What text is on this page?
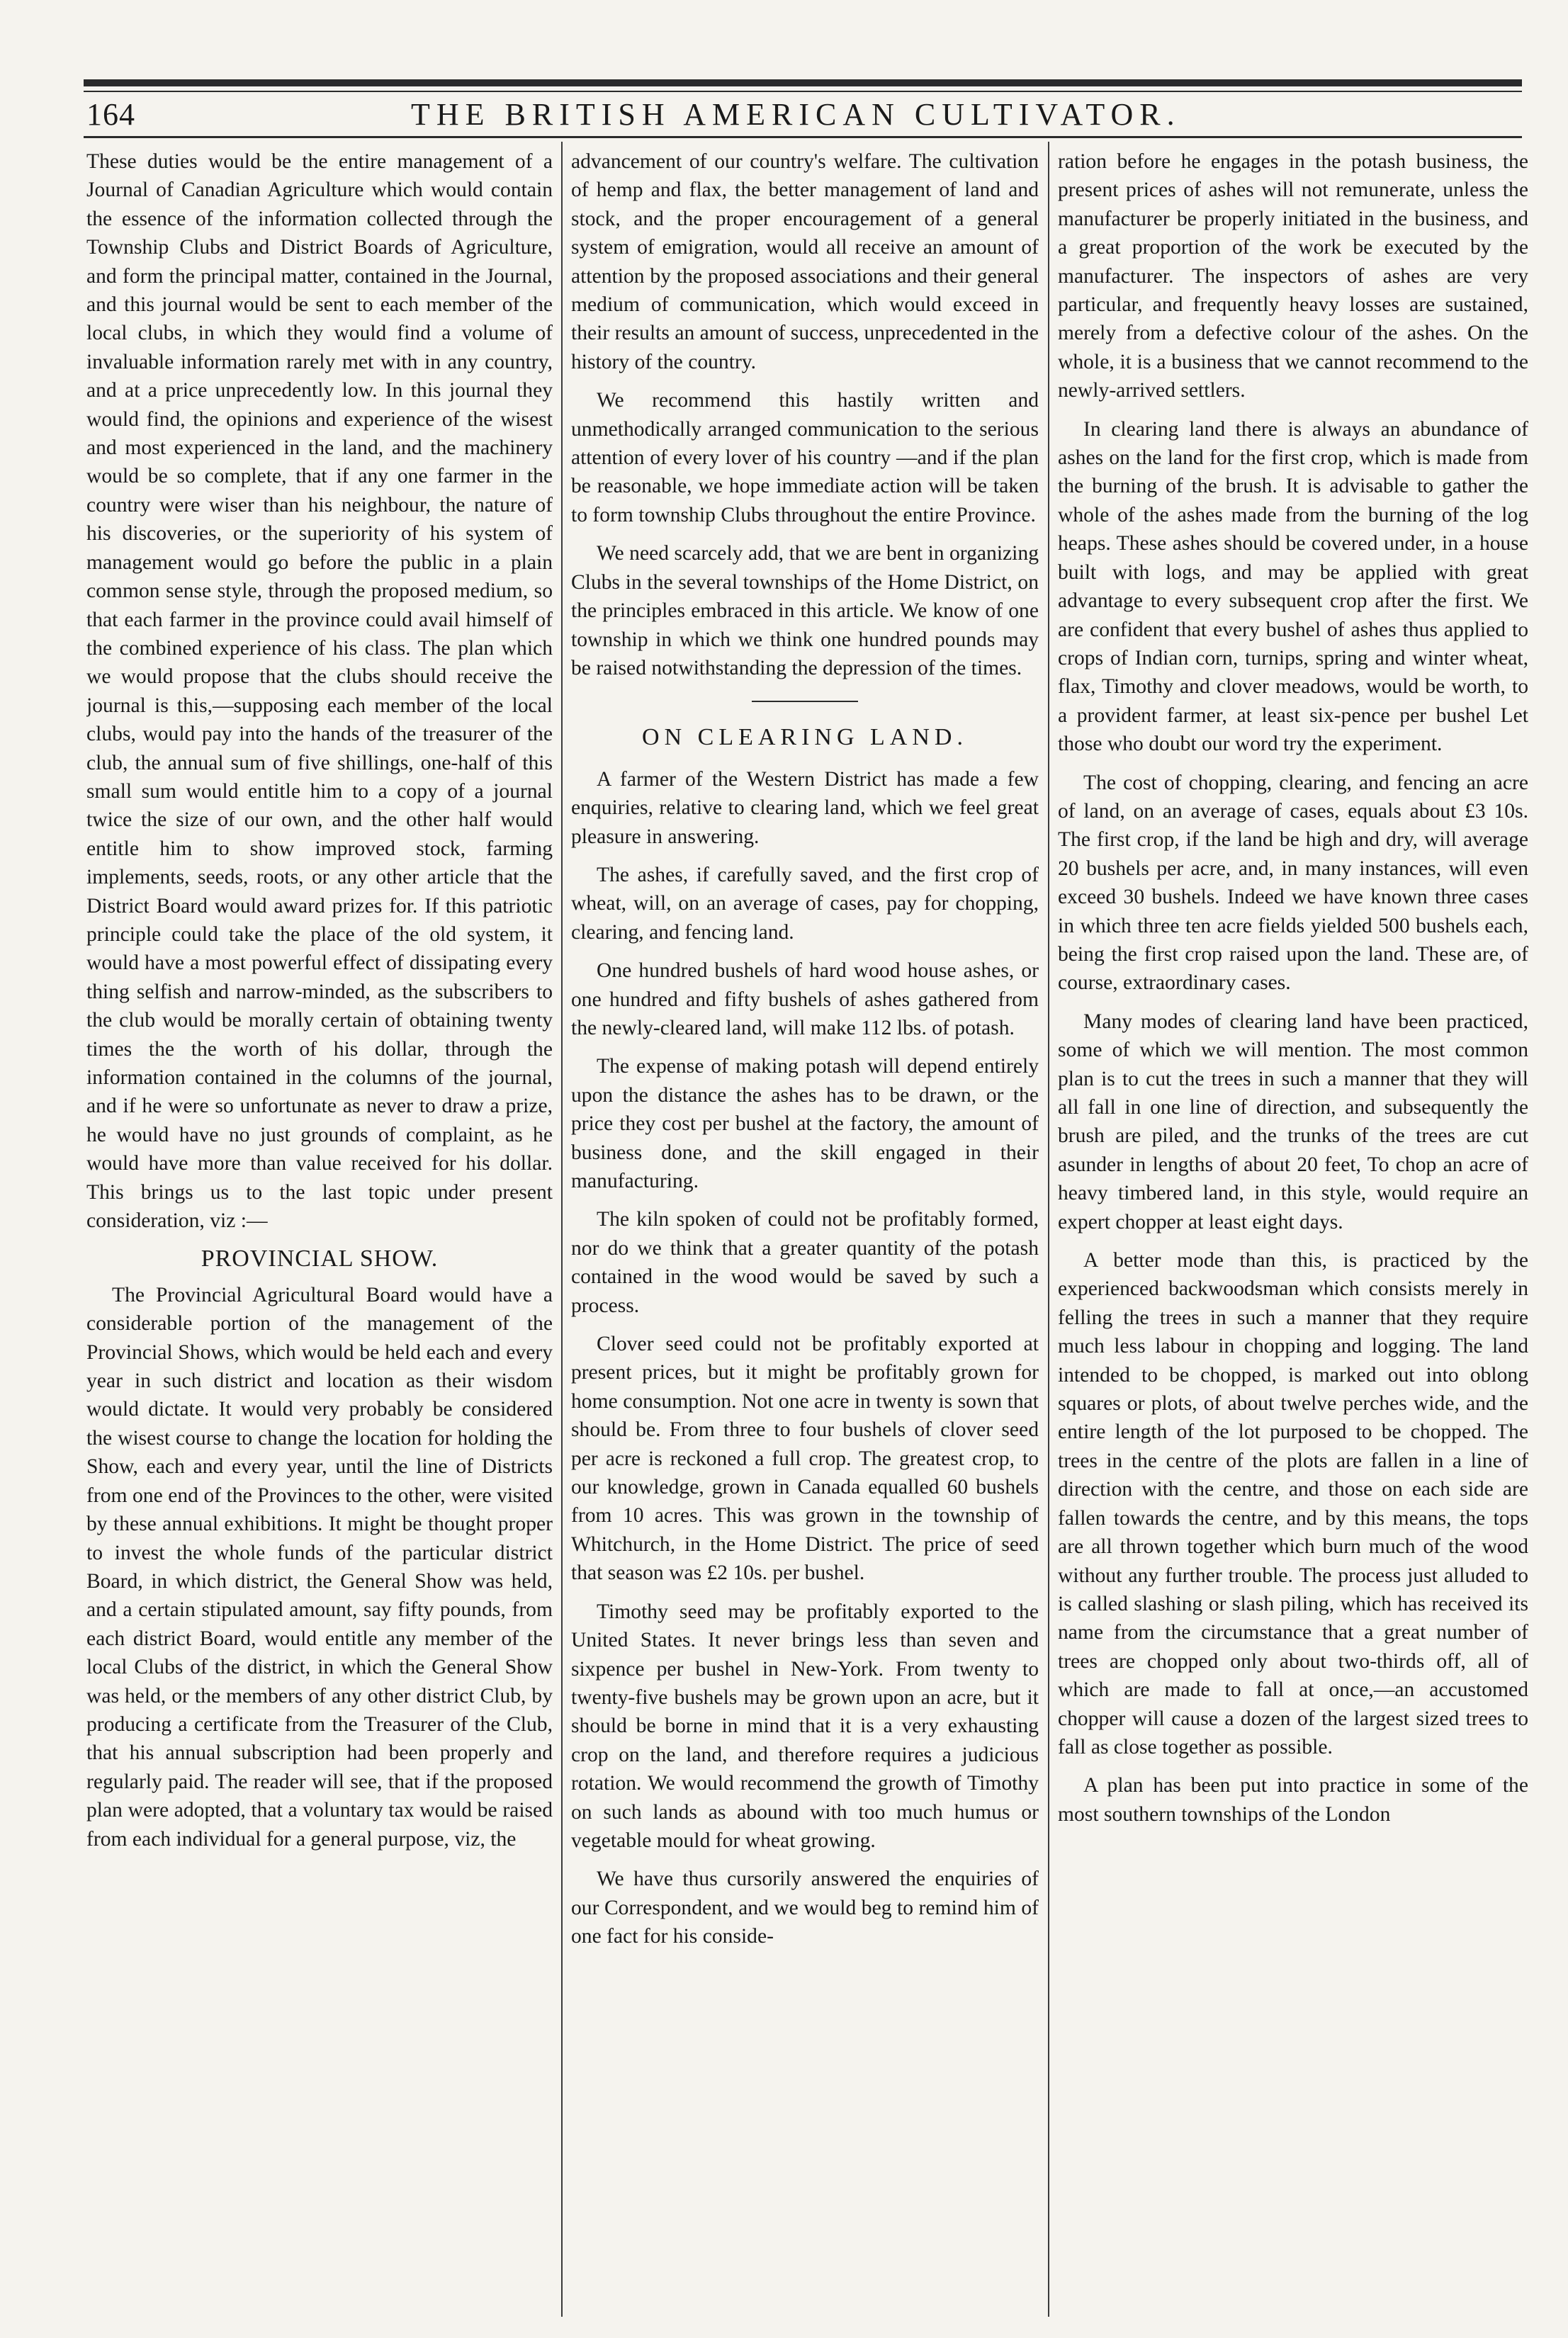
164	THE BRITISH AMERICAN CULTIVATOR.

These duties would be the entire management of a Journal of Canadian Agriculture which would contain the essence of the information collected through the Township Clubs and District Boards of Agriculture, and form the principal matter, contained in the Journal, and this journal would be sent to each member of the local clubs, in which they would find a volume of invaluable information rarely met with in any country, and at a price unprecedently low. In this journal they would find, the opinions and experience of the wisest and most experienced in the land, and the machinery would be so complete, that if any one farmer in the country were wiser than his neighbour, the nature of his discoveries, or the superiority of his system of management would go before the public in a plain common sense style, through the proposed medium, so that each farmer in the province could avail himself of the combined experience of his class. The plan which we would propose that the clubs should receive the journal is this,—supposing each member of the local clubs, would pay into the hands of the treasurer of the club, the annual sum of five shillings, one-half of this small sum would entitle him to a copy of a journal twice the size of our own, and the other half would entitle him to show improved stock, farming implements, seeds, roots, or any other article that the District Board would award prizes for. If this patriotic principle could take the place of the old system, it would have a most powerful effect of dissipating every thing selfish and narrow-minded, as the subscribers to the club would be morally certain of obtaining twenty times the the worth of his dollar, through the information contained in the columns of the journal, and if he were so unfortunate as never to draw a prize, he would have no just grounds of complaint, as he would have more than value received for his dollar. This brings us to the last topic under present consideration, viz :—

PROVINCIAL SHOW.

The Provincial Agricultural Board would have a considerable portion of the management of the Provincial Shows, which would be held each and every year in such district and location as their wisdom would dictate. It would very probably be considered the wisest course to change the location for holding the Show, each and every year, until the line of Districts from one end of the Provinces to the other, were visited by these annual exhibitions. It might be thought proper to invest the whole funds of the particular district Board, in which district, the General Show was held, and a certain stipulated amount, say fifty pounds, from each district Board, would entitle any member of the local Clubs of the district, in which the General Show was held, or the members of any other district Club, by producing a certificate from the Treasurer of the Club, that his annual subscription had been properly and regularly paid. The reader will see, that if the proposed plan were adopted, that a voluntary tax would be raised from each individual for a general purpose, viz, the

advancement of our country's welfare. The cultivation of hemp and flax, the better management of land and stock, and the proper encouragement of a general system of emigration, would all receive an amount of attention by the proposed associations and their general medium of communication, which would exceed in their results an amount of success, unprecedented in the history of the country.

We recommend this hastily written and unmethodically arranged communication to the serious attention of every lover of his country —and if the plan be reasonable, we hope immediate action will be taken to form township Clubs throughout the entire Province.

We need scarcely add, that we are bent in organizing Clubs in the several townships of the Home District, on the principles embraced in this article. We know of one township in which we think one hundred pounds may be raised notwithstanding the depression of the times.

ON CLEARING LAND.

A farmer of the Western District has made a few enquiries, relative to clearing land, which we feel great pleasure in answering.

The ashes, if carefully saved, and the first crop of wheat, will, on an average of cases, pay for chopping, clearing, and fencing land.

One hundred bushels of hard wood house ashes, or one hundred and fifty bushels of ashes gathered from the newly-cleared land, will make 112 lbs. of potash.

The expense of making potash will depend entirely upon the distance the ashes has to be drawn, or the price they cost per bushel at the factory, the amount of business done, and the skill engaged in their manufacturing.

The kiln spoken of could not be profitably formed, nor do we think that a greater quantity of the potash contained in the wood would be saved by such a process.

Clover seed could not be profitably exported at present prices, but it might be profitably grown for home consumption. Not one acre in twenty is sown that should be. From three to four bushels of clover seed per acre is reckoned a full crop. The greatest crop, to our knowledge, grown in Canada equalled 60 bushels from 10 acres. This was grown in the township of Whitchurch, in the Home District. The price of seed that season was £2 10s. per bushel.

Timothy seed may be profitably exported to the United States. It never brings less than seven and sixpence per bushel in New-York. From twenty to twenty-five bushels may be grown upon an acre, but it should be borne in mind that it is a very exhausting crop on the land, and therefore requires a judicious rotation. We would recommend the growth of Timothy on such lands as abound with too much humus or vegetable mould for wheat growing.

We have thus cursorily answered the enquiries of our Correspondent, and we would beg to remind him of one fact for his conside-

ration before he engages in the potash business, the present prices of ashes will not remunerate, unless the manufacturer be properly initiated in the business, and a great proportion of the work be executed by the manufacturer. The inspectors of ashes are very particular, and frequently heavy losses are sustained, merely from a defective colour of the ashes. On the whole, it is a business that we cannot recommend to the newly-arrived settlers.

In clearing land there is always an abundance of ashes on the land for the first crop, which is made from the burning of the brush. It is advisable to gather the whole of the ashes made from the burning of the log heaps. These ashes should be covered under, in a house built with logs, and may be applied with great advantage to every subsequent crop after the first. We are confident that every bushel of ashes thus applied to crops of Indian corn, turnips, spring and winter wheat, flax, Timothy and clover meadows, would be worth, to a provident farmer, at least six-pence per bushel Let those who doubt our word try the experiment.

The cost of chopping, clearing, and fencing an acre of land, on an average of cases, equals about £3 10s. The first crop, if the land be high and dry, will average 20 bushels per acre, and, in many instances, will even exceed 30 bushels. Indeed we have known three cases in which three ten acre fields yielded 500 bushels each, being the first crop raised upon the land. These are, of course, extraordinary cases.

Many modes of clearing land have been practiced, some of which we will mention. The most common plan is to cut the trees in such a manner that they will all fall in one line of direction, and subsequently the brush are piled, and the trunks of the trees are cut asunder in lengths of about 20 feet, To chop an acre of heavy timbered land, in this style, would require an expert chopper at least eight days.

A better mode than this, is practiced by the experienced backwoodsman which consists merely in felling the trees in such a manner that they require much less labour in chopping and logging. The land intended to be chopped, is marked out into oblong squares or plots, of about twelve perches wide, and the entire length of the lot purposed to be chopped. The trees in the centre of the plots are fallen in a line of direction with the centre, and those on each side are fallen towards the centre, and by this means, the tops are all thrown together which burn much of the wood without any further trouble. The process just alluded to is called slashing or slash piling, which has received its name from the circumstance that a great number of trees are chopped only about two-thirds off, all of which are made to fall at once,—an accustomed chopper will cause a dozen of the largest sized trees to fall as close together as possible.

A plan has been put into practice in some of the most southern townships of the London
